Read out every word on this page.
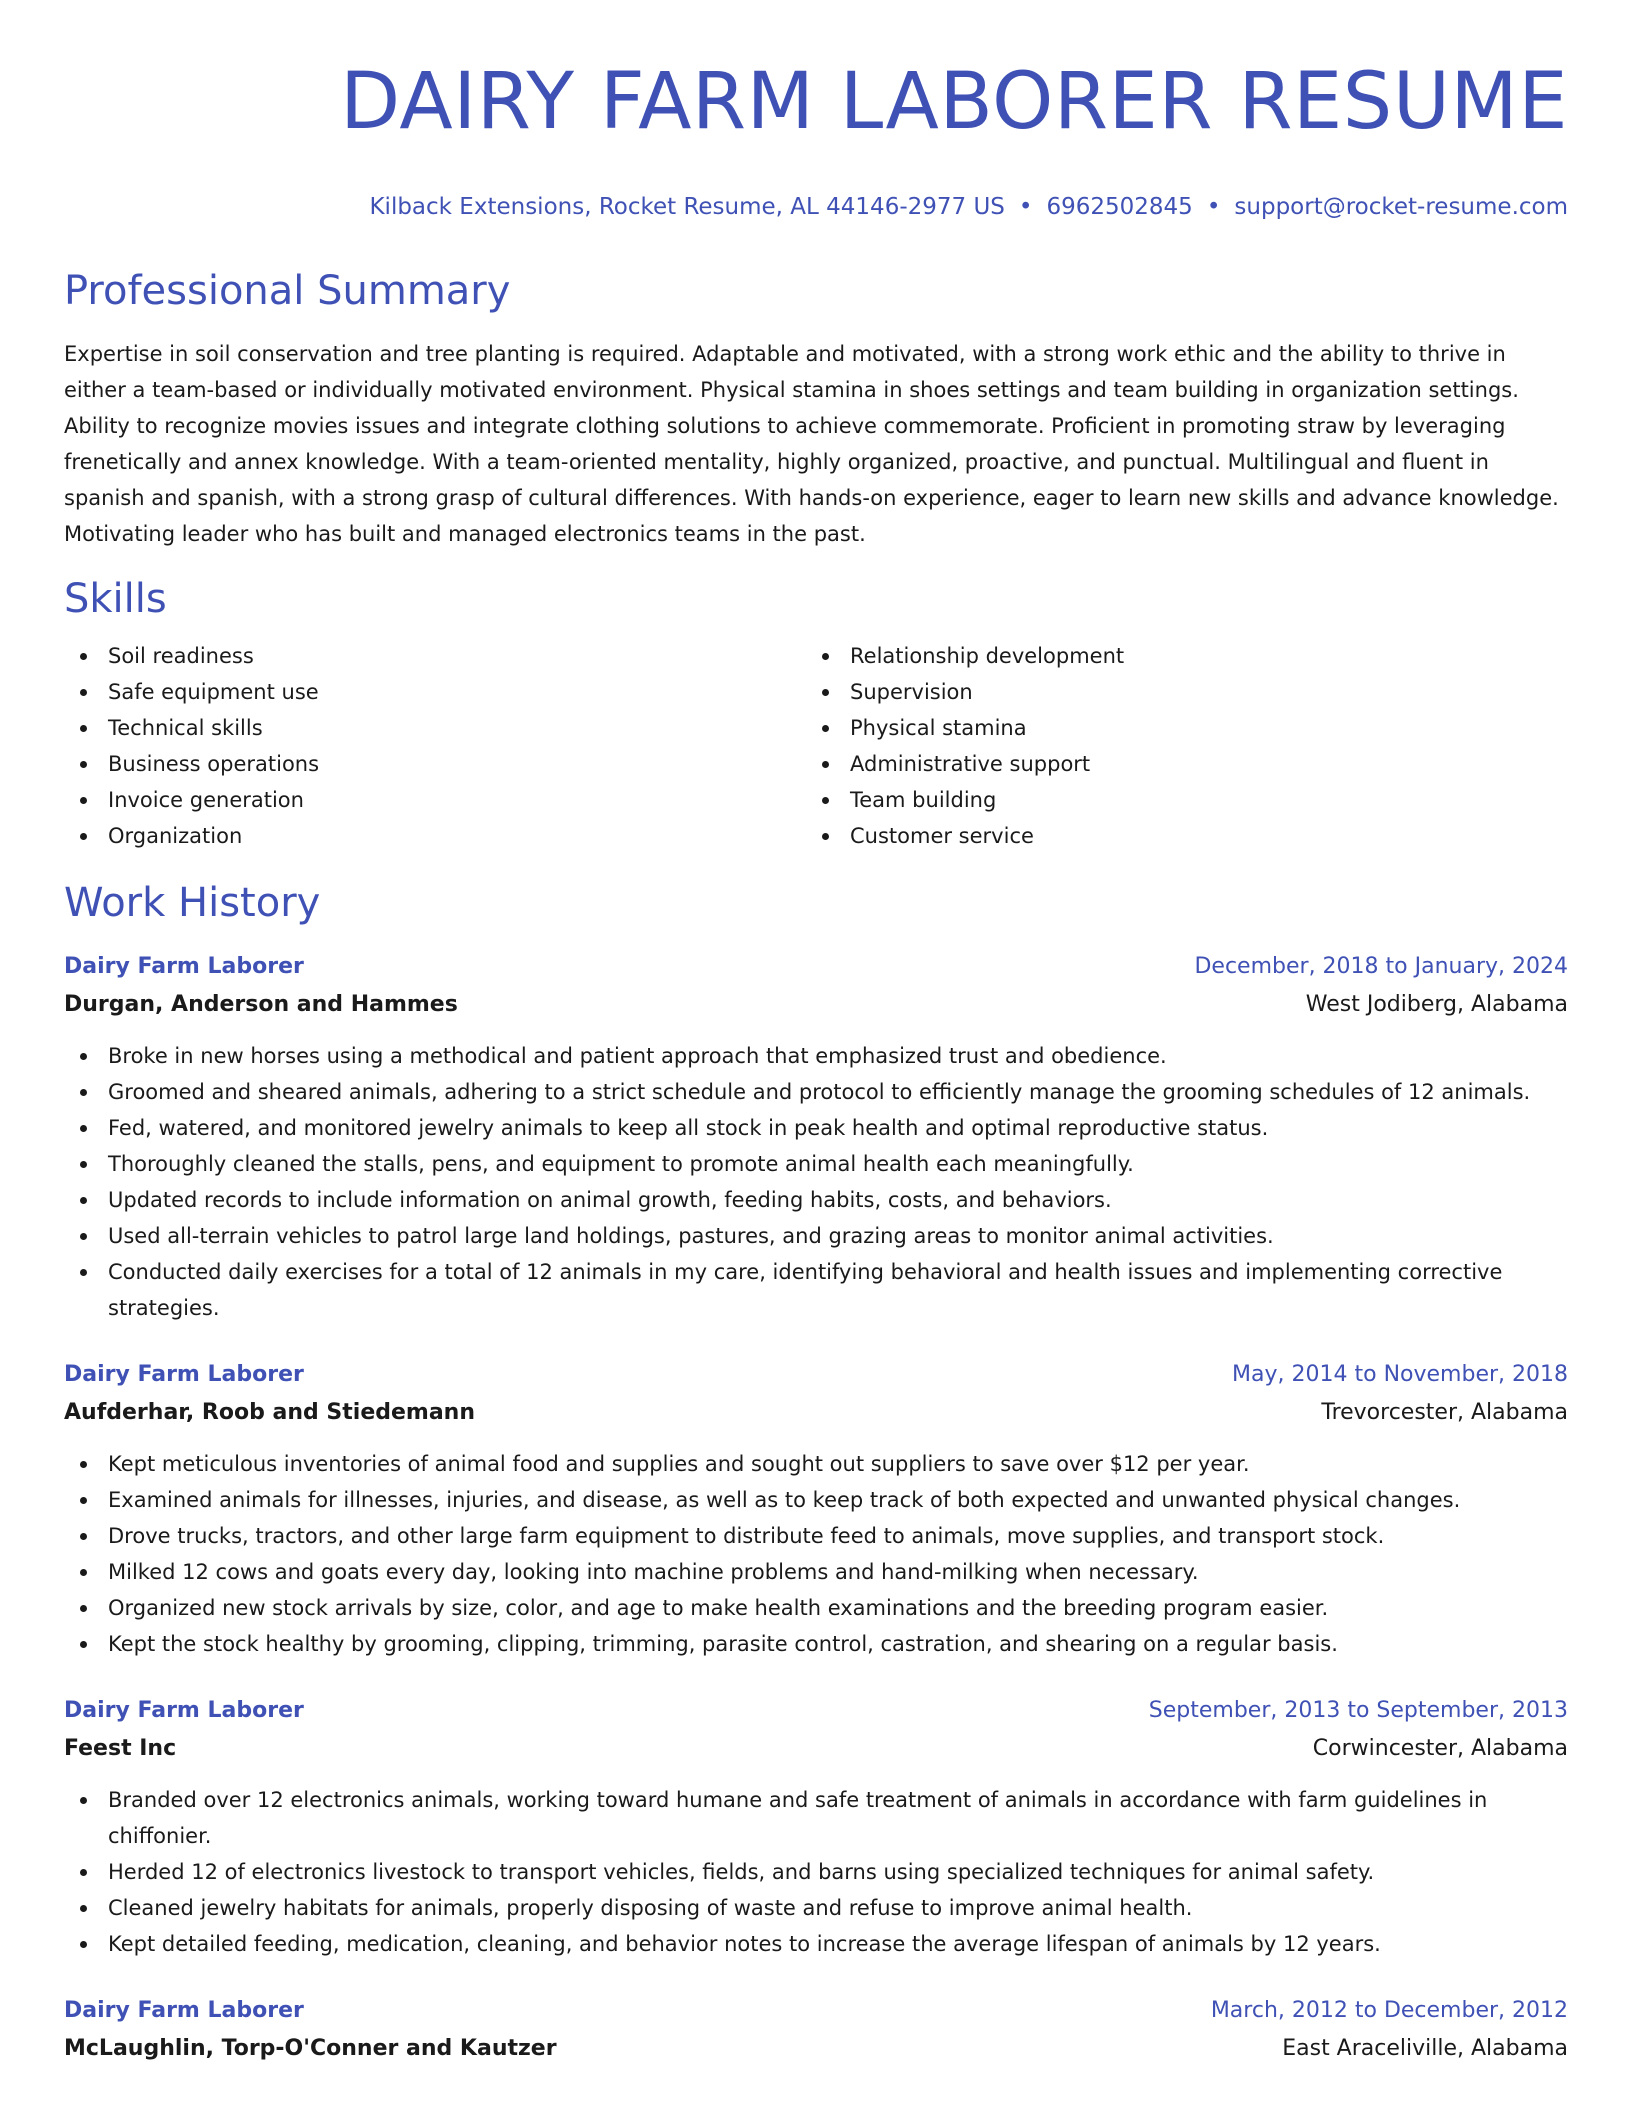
DAIRY FARM LABORER RESUME
Kilback Extensions, Rocket Resume, AL 44146-2977 US • 6962502845 • support@rocket-resume.com
Professional Summary

Expertise in soil conservation and tree planting is required. Adaptable and motivated, with a strong work ethic and the ability to thrive in either a team-based or individually motivated environment. Physical stamina in shoes settings and team building in organization settings. Ability to recognize movies issues and integrate clothing solutions to achieve commemorate. Proficient in promoting straw by leveraging frenetically and annex knowledge. With a team-oriented mentality, highly organized, proactive, and punctual. Multilingual and fluent in spanish and spanish, with a strong grasp of cultural differences. With hands-on experience, eager to learn new skills and advance knowledge. Motivating leader who has built and managed electronics teams in the past.

Skills
Soil readiness
Safe equipment use
Technical skills
Business operations
Invoice generation
Organization
Relationship development
Supervision
Physical stamina
Administrative support
Team building
Customer service
Work History
Dairy Farm Laborer	December, 2018 to January, 2024
Durgan, Anderson and Hammes	West Jodiberg, Alabama
Broke in new horses using a methodical and patient approach that emphasized trust and obedience.
Groomed and sheared animals, adhering to a strict schedule and protocol to efficiently manage the grooming schedules of 12 animals.
Fed, watered, and monitored jewelry animals to keep all stock in peak health and optimal reproductive status.
Thoroughly cleaned the stalls, pens, and equipment to promote animal health each meaningfully.
Updated records to include information on animal growth, feeding habits, costs, and behaviors.
Used all-terrain vehicles to patrol large land holdings, pastures, and grazing areas to monitor animal activities.
Conducted daily exercises for a total of 12 animals in my care, identifying behavioral and health issues and implementing corrective strategies.
Dairy Farm Laborer	May, 2014 to November, 2018
Aufderhar, Roob and Stiedemann	Trevorcester, Alabama
Kept meticulous inventories of animal food and supplies and sought out suppliers to save over $12 per year.
Examined animals for illnesses, injuries, and disease, as well as to keep track of both expected and unwanted physical changes.
Drove trucks, tractors, and other large farm equipment to distribute feed to animals, move supplies, and transport stock.
Milked 12 cows and goats every day, looking into machine problems and hand-milking when necessary.
Organized new stock arrivals by size, color, and age to make health examinations and the breeding program easier.
Kept the stock healthy by grooming, clipping, trimming, parasite control, castration, and shearing on a regular basis.
Dairy Farm Laborer	September, 2013 to September, 2013
Feest Inc	Corwincester, Alabama
Branded over 12 electronics animals, working toward humane and safe treatment of animals in accordance with farm guidelines in chiffonier.
Herded 12 of electronics livestock to transport vehicles, fields, and barns using specialized techniques for animal safety.
Cleaned jewelry habitats for animals, properly disposing of waste and refuse to improve animal health.
Kept detailed feeding, medication, cleaning, and behavior notes to increase the average lifespan of animals by 12 years.
Dairy Farm Laborer	March, 2012 to December, 2012
McLaughlin, Torp-O'Conner and Kautzer	East Araceliville, Alabama
